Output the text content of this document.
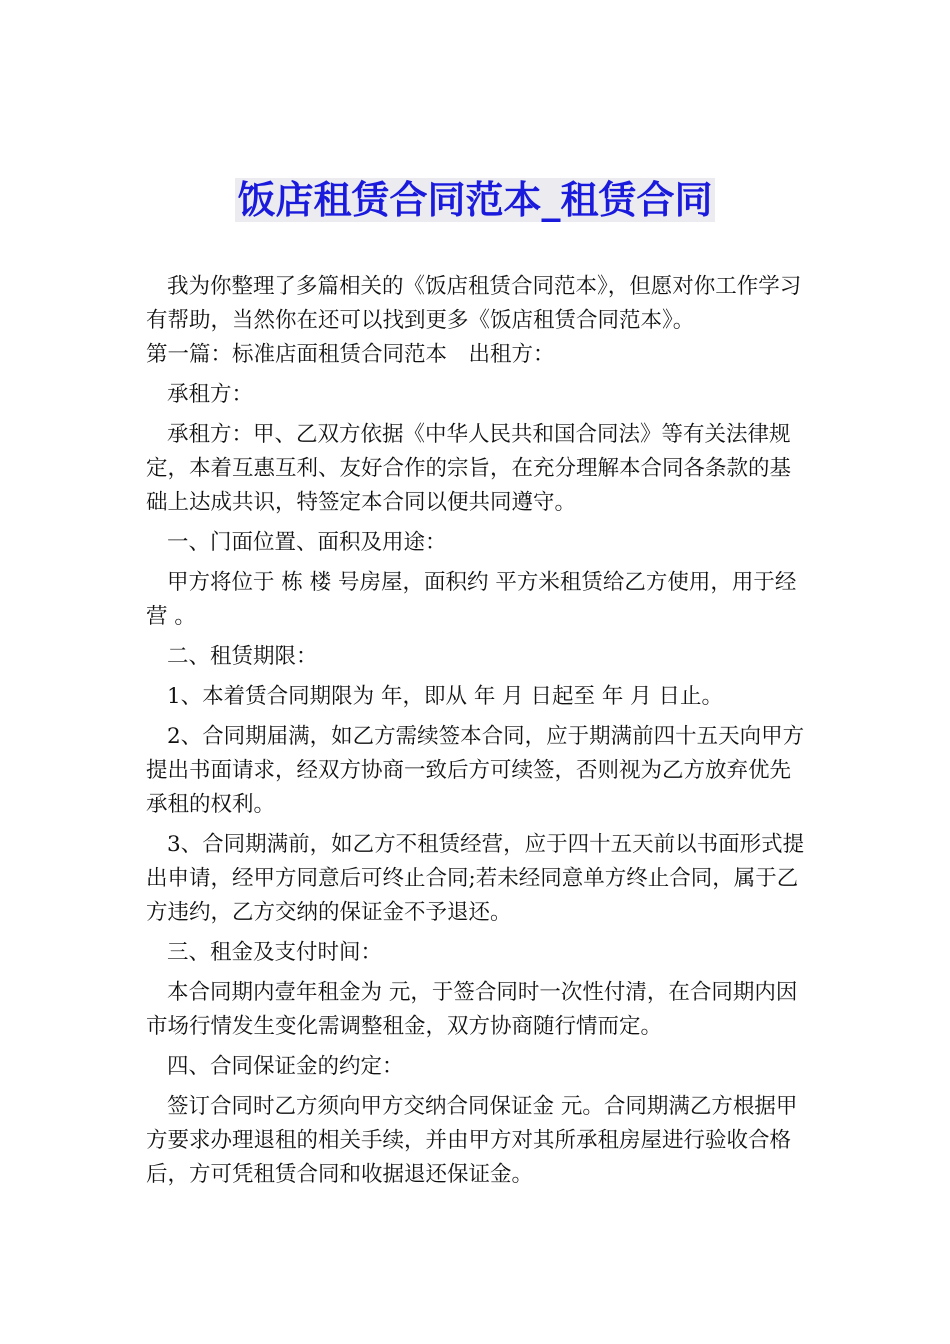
饭店租赁合同范本_租赁合同

我为你整理了多篇相关的《饭店租赁合同范本》，但愿对你工作学习有帮助，当然你在还可以找到更多《饭店租赁合同范本》。

第一篇：标准店面租赁合同范本　出租方：

承租方：

承租方：甲、乙双方依据《中华人民共和国合同法》等有关法律规定，本着互惠互利、友好合作的宗旨，在充分理解本合同各条款的基础上达成共识，特签定本合同以便共同遵守。

一、门面位置、面积及用途：

甲方将位于 栋 楼 号房屋，面积约 平方米租赁给乙方使用，用于经营 。

二、租赁期限：

1、本着赁合同期限为 年，即从 年 月 日起至 年 月 日止。

2、合同期届满，如乙方需续签本合同，应于期满前四十五天向甲方提出书面请求，经双方协商一致后方可续签，否则视为乙方放弃优先承租的权利。

3、合同期满前，如乙方不租赁经营，应于四十五天前以书面形式提出申请，经甲方同意后可终止合同;若未经同意单方终止合同，属于乙方违约，乙方交纳的保证金不予退还。

三、租金及支付时间：

本合同期内壹年租金为 元，于签合同时一次性付清，在合同期内因市场行情发生变化需调整租金，双方协商随行情而定。

四、合同保证金的约定：

签订合同时乙方须向甲方交纳合同保证金 元。合同期满乙方根据甲方要求办理退租的相关手续，并由甲方对其所承租房屋进行验收合格后，方可凭租赁合同和收据退还保证金。
